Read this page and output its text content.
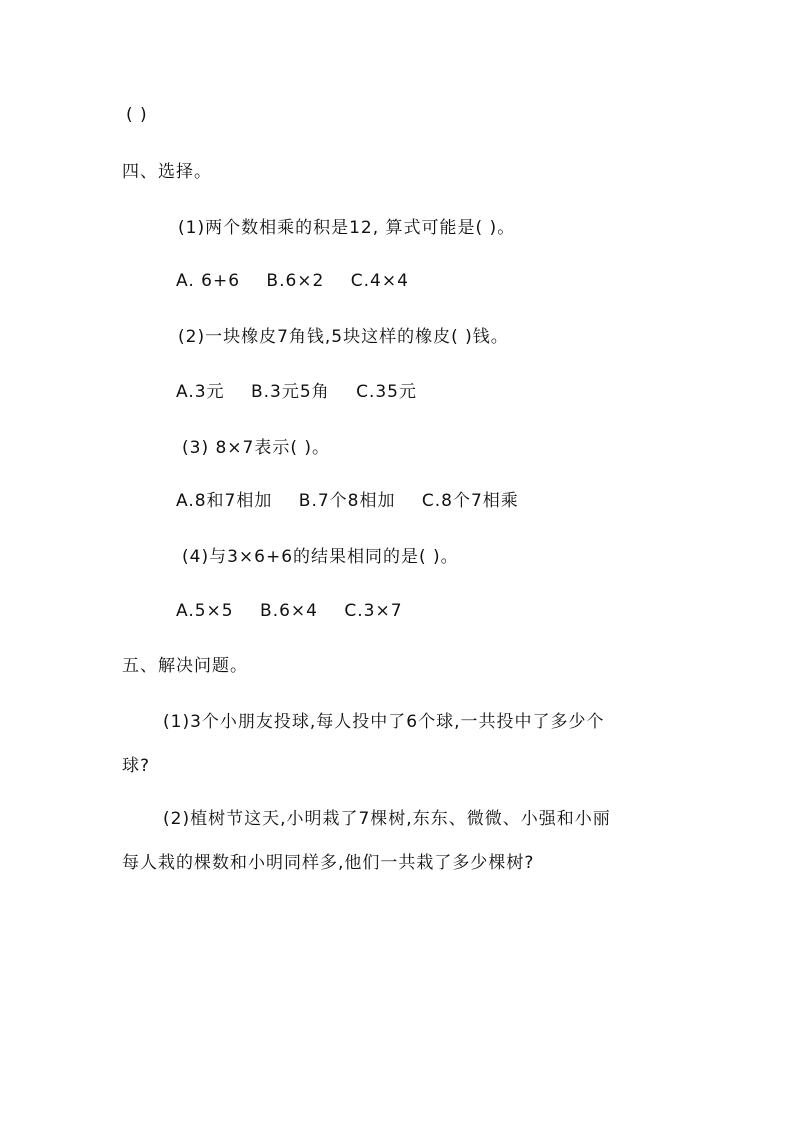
( )
四、选择。
(1)两个数相乘的积是12, 算式可能是( )。
A. 6+6 B.6×2 C.4×4
(2)一块橡皮7角钱,5块这样的橡皮( )钱。
A.3元 B.3元5角 C.35元
(3) 8×7表示( )。
A.8和7相加 B.7个8相加 C.8个7相乘
(4)与3×6+6的结果相同的是( )。
A.5×5 B.6×4 C.3×7
五、解决问题。
(1)3个小朋友投球,每人投中了6个球,一共投中了多少个
球?
(2)植树节这天,小明栽了7棵树,东东、微微、小强和小丽
每人栽的棵数和小明同样多,他们一共栽了多少棵树?
